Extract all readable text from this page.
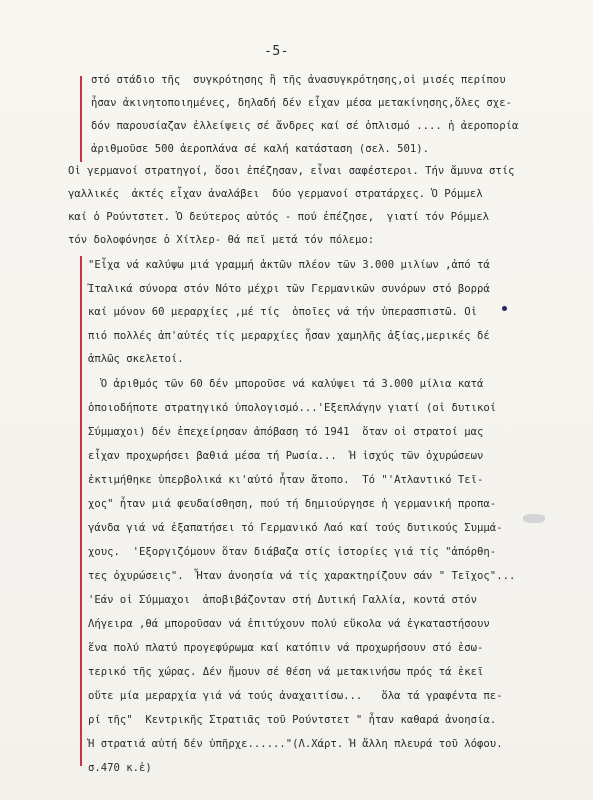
-5-
στό στάδιο τῆς  συγκρότησης ἢ τῆς ἀνασυγκρότησης,οἱ μισές περίπου
ἦσαν ἀκινητοποιημένες, δηλαδή δέν εἶχαν μέσα μετακίνησης,ὅλες σχε-
δόν παρουσίαζαν ἐλλείψεις σέ ἄνδρες καί σέ ὁπλισμό .... ἡ ἀεροπορία
ἀριθμοῦσε 500 ἀεροπλάνα σέ καλή κατάσταση (σελ. 501).
Οἱ γερμανοί στρατηγοί, ὅσοι ἐπέζησαν, εἶναι σαφέστεροι. Τήν ἄμυνα στίς
γαλλικές  ἀκτές εἶχαν ἀναλάβει  δύο γερμανοί στρατάρχες. Ὁ Ρόμμελ
καί ὁ Ρούντστετ. Ὁ δεύτερος αὐτός - πού ἐπέζησε,  γιατί τόν Ρόμμελ
τόν δολοφόνησε ὁ Χίτλερ- θά πεῖ μετά τόν πόλεμο:
"Εἶχα νά καλύψω μιά γραμμή ἀκτῶν πλέον τῶν 3.000 μιλίων ,ἀπό τά
Ἰταλικά σύνορα στόν Νότο μέχρι τῶν Γερμανικῶν συνόρων στό βορρά
καί μόνον 60 μεραρχίες ,μέ τίς  ὁποῖες νά τήν ὑπερασπιστῶ. Οἱ
πιό πολλές ἀπ'αὐτές τίς μεραρχίες ἦσαν χαμηλῆς ἀξίας,μερικές δέ
ἁπλῶς σκελετοί.
Ὁ ἀριθμός τῶν 60 δέν μποροῦσε νά καλύψει τά 3.000 μίλια κατά
ὁποιοδήποτε στρατηγικό ὑπολογισμό...'Εξεπλάγην γιατί (οἱ δυτικοί
Σύμμαχοι) δέν ἐπεχείρησαν ἀπόβαση τό 1941  ὅταν οἱ στρατοί μας
εἶχαν προχωρήσει βαθιά μέσα τή Ρωσία...  Ἡ ἰσχύς τῶν ὀχυρώσεων
ἐκτιμήθηκε ὑπερβολικά κι'αὐτό ἦταν ἄτοπο.  Τό "'Ατλαντικό Τεῖ-
χος" ἦταν μιά φευδαίσθηση, πού τή δημιούργησε ἡ γερμανική προπα-
γάνδα γιά νά ἐξαπατήσει τό Γερμανικό Λαό καί τούς δυτικούς Συμμά-
χους.  'Εξοργιζόμουν ὅταν διάβαζα στίς ἱστορίες γιά τίς "ἀπόρθη-
τες ὀχυρώσεις".  Ἦταν ἀνοησία νά τίς χαρακτηρίζουν σάν " Τεῖχος"...
'Εάν οἱ Σύμμαχοι  ἀποβιβάζονταν στή Δυτική Γαλλία, κοντά στόν
Λήγειρα ,θά μποροῦσαν νά ἐπιτύχουν πολύ εὔκολα νά ἐγκαταστήσουν
ἕνα πολύ πλατύ προγεφύρωμα καί κατόπιν νά προχωρήσουν στό ἐσω-
τερικό τῆς χώρας. Δέν ἤμουν σέ θέση νά μετακινήσω πρός τά ἐκεῖ
οὔτε μία μεραρχία γιά νά τούς ἀναχαιτίσω...   ὅλα τά γραφέντα πε-
ρί τῆς"  Κεντρικῆς Στρατιᾶς τοῦ Ρούντστετ " ἦταν καθαρά ἀνοησία.
Ἡ στρατιά αὐτή δέν ὑπῆρχε......"(Λ.Χάρτ. Ἡ ἄλλη πλευρά τοῦ λόφου.
σ.470 κ.ἑ)
